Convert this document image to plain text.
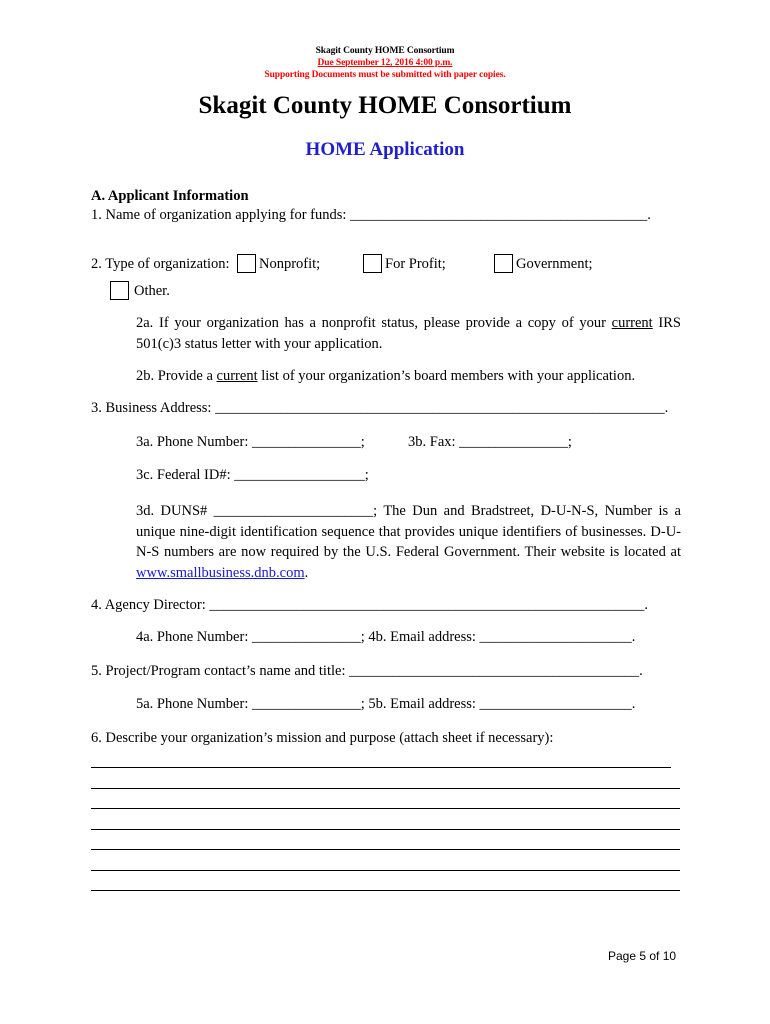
Skagit County HOME Consortium
Due September 12, 2016 4:00 p.m.
Supporting Documents must be submitted with paper copies.
Skagit County HOME Consortium
HOME Application
A. Applicant Information
1. Name of organization applying for funds: _________________________________________.
2. Type of organization: Nonprofit;	For Profit;	Government;
Other.
2a. If your organization has a nonprofit status, please provide a copy of your current IRS 501(c)3 status letter with your application.
2b. Provide a current list of your organization’s board members with your application.
3. Business Address: ______________________________________________________________.
3a. Phone Number: _______________;	3b. Fax: _______________;
3c. Federal ID#: __________________;
3d. DUNS# ______________________; The Dun and Bradstreet, D-U-N-S, Number is a unique nine-digit identification sequence that provides unique identifiers of businesses. D-U-N-S numbers are now required by the U.S. Federal Government. Their website is located at www.smallbusiness.dnb.com.
4. Agency Director: ____________________________________________________________.
4a. Phone Number: _______________; 4b. Email address: _____________________.
5. Project/Program contact’s name and title: ________________________________________.
5a. Phone Number: _______________; 5b. Email address: _____________________.
6. Describe your organization’s mission and purpose (attach sheet if necessary):
Page 5 of 10
